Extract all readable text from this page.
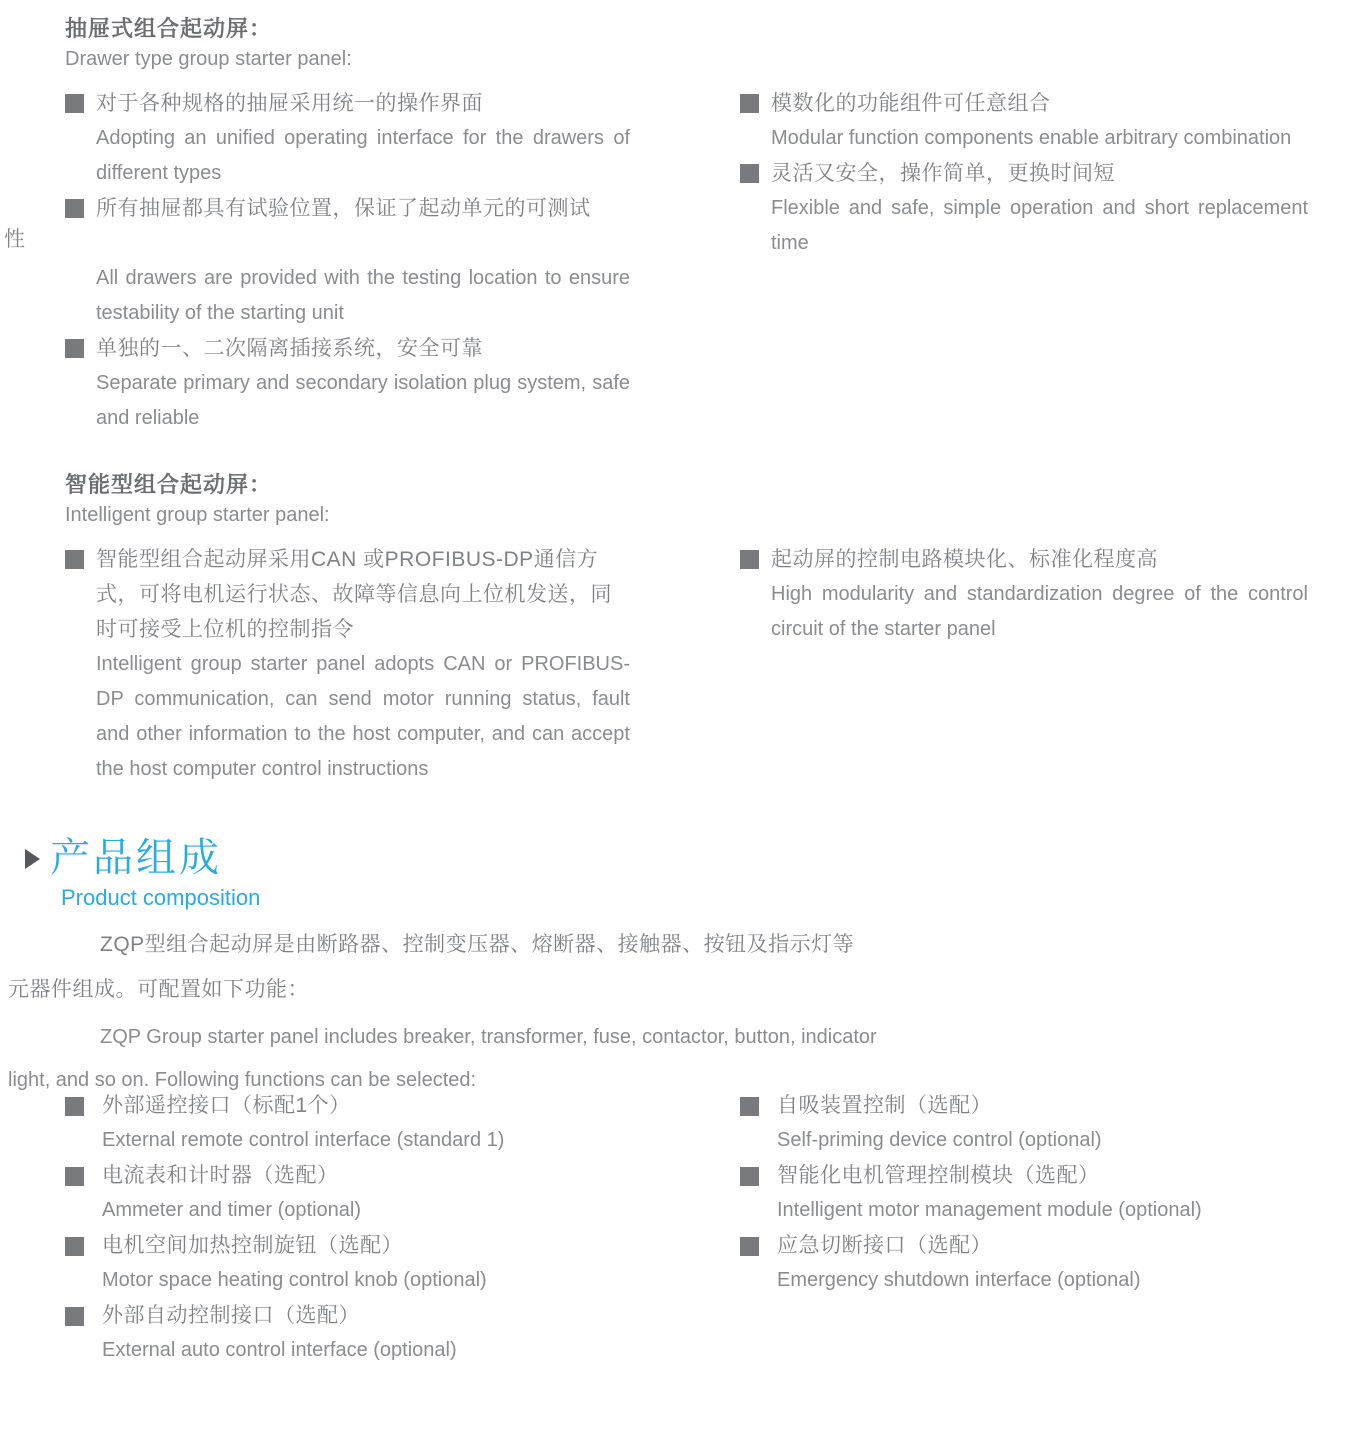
抽屉式组合起动屏：
Drawer type group starter panel:
对于各种规格的抽屉采用统一的操作界面
Adopting an unified operating interface for the drawers of different types
所有抽屉都具有试验位置，保证了起动单元的可测试
All drawers are provided with the testing location to ensure testability of the starting unit
单独的一、二次隔离插接系统，安全可靠
Separate primary and secondary isolation plug system, safe and reliable
性
模数化的功能组件可任意组合
Modular function components enable arbitrary combination
灵活又安全，操作简单，更换时间短
Flexible and safe, simple operation and short replacement time
智能型组合起动屏：
Intelligent group starter panel:
智能型组合起动屏采用CAN 或PROFIBUS-DP通信方式，可将电机运行状态、故障等信息向上位机发送，同时可接受上位机的控制指令
Intelligent group starter panel adopts CAN or PROFIBUS-DP communication, can send motor running status, fault and other information to the host computer, and can accept the host computer control instructions
起动屏的控制电路模块化、标准化程度高
High modularity and standardization degree of the control circuit of the starter panel
产品组成
Product composition
ZQP型组合起动屏是由断路器、控制变压器、熔断器、接触器、按钮及指示灯等
元器件组成。可配置如下功能：
ZQP Group starter panel includes breaker, transformer, fuse, contactor, button, indicator
light, and so on. Following functions can be selected:
外部遥控接口（标配1个）
External remote control interface (standard 1)
电流表和计时器（选配）
Ammeter and timer (optional)
电机空间加热控制旋钮（选配）
Motor space heating control knob (optional)
外部自动控制接口（选配）
External auto control interface (optional)
自吸装置控制（选配）
Self-priming device control (optional)
智能化电机管理控制模块（选配）
Intelligent motor management module (optional)
应急切断接口（选配）
Emergency shutdown interface (optional)
